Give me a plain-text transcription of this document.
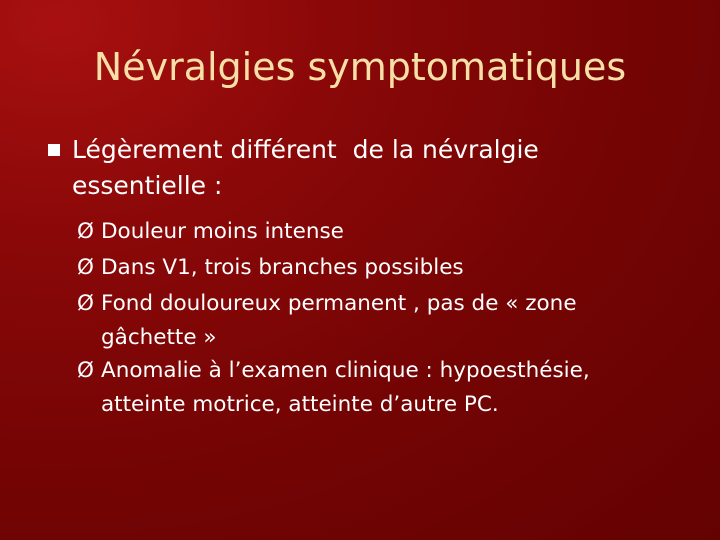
Névralgies symptomatiques
Légèrement différent  de la névralgie
essentielle :
Ø Douleur moins intense
Ø Dans V1, trois branches possibles
Ø Fond douloureux permanent , pas de « zone
gâchette »
Ø Anomalie à l’examen clinique : hypoesthésie,
atteinte motrice, atteinte d’autre PC.
